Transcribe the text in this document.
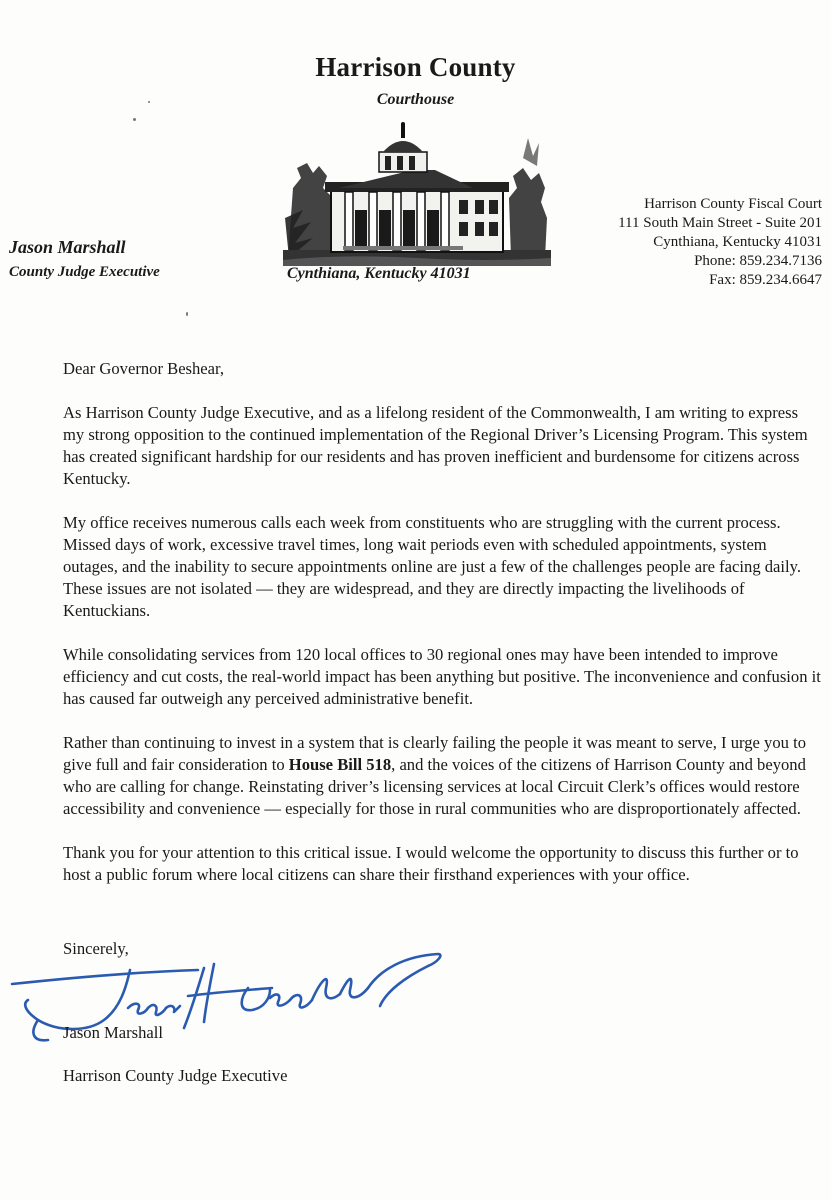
Harrison County
Courthouse
Jason Marshall
County Judge Executive	Cynthiana, Kentucky 41031
Harrison County Fiscal Court
111 South Main Street - Suite 201
Cynthiana, Kentucky 41031
Phone: 859.234.7136
Fax: 859.234.6647

Dear Governor Beshear,

As Harrison County Judge Executive, and as a lifelong resident of the Commonwealth, I am writing to express my strong opposition to the continued implementation of the Regional Driver’s Licensing Program. This system has created significant hardship for our residents and has proven inefficient and burdensome for citizens across Kentucky.

My office receives numerous calls each week from constituents who are struggling with the current process. Missed days of work, excessive travel times, long wait periods even with scheduled appointments, system outages, and the inability to secure appointments online are just a few of the challenges people are facing daily. These issues are not isolated — they are widespread, and they are directly impacting the livelihoods of Kentuckians.

While consolidating services from 120 local offices to 30 regional ones may have been intended to improve efficiency and cut costs, the real-world impact has been anything but positive. The inconvenience and confusion it has caused far outweigh any perceived administrative benefit.

Rather than continuing to invest in a system that is clearly failing the people it was meant to serve, I urge you to give full and fair consideration to House Bill 518, and the voices of the citizens of Harrison County and beyond who are calling for change. Reinstating driver’s licensing services at local Circuit Clerk’s offices would restore accessibility and convenience — especially for those in rural communities who are disproportionately affected.

Thank you for your attention to this critical issue. I would welcome the opportunity to discuss this further or to host a public forum where local citizens can share their firsthand experiences with your office.

Sincerely,
Jason Marshall
Harrison County Judge Executive
